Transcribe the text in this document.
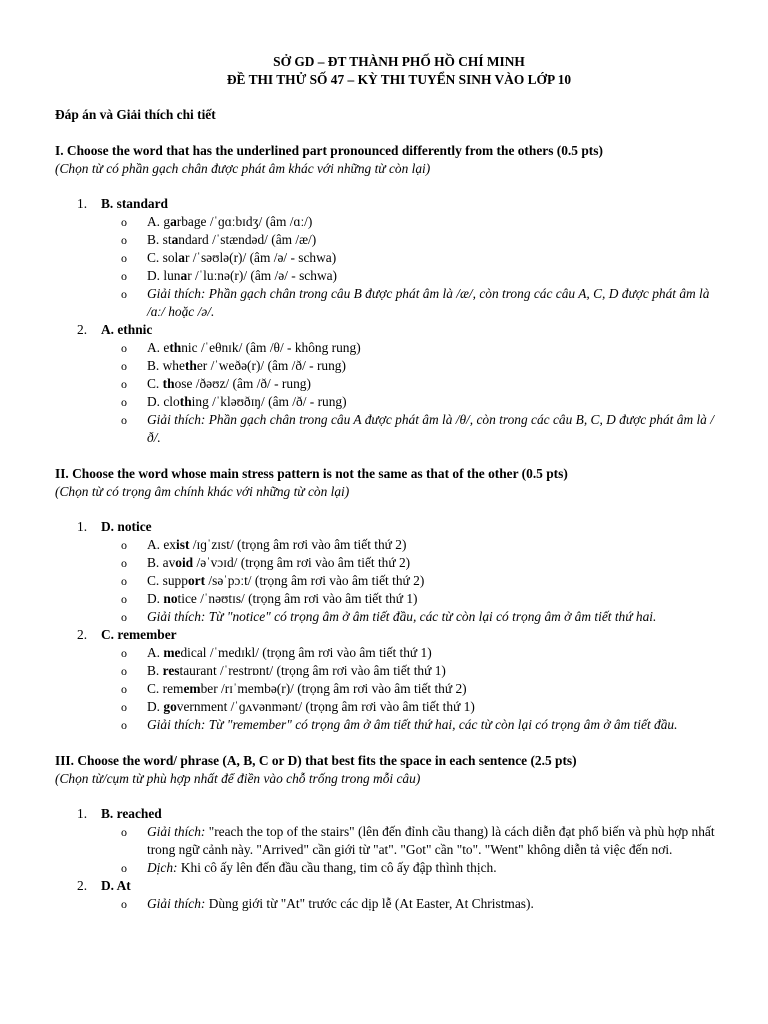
SỞ GD – ĐT THÀNH PHỐ HỒ CHÍ MINH
ĐỀ THI THỬ SỐ 47 – KỲ THI TUYỂN SINH VÀO LỚP 10
Đáp án và Giải thích chi tiết
I. Choose the word that has the underlined part pronounced differently from the others (0.5 pts)
(Chọn từ có phần gạch chân được phát âm khác với những từ còn lại)
1. B. standard
o A. garbage /ˈɡɑːbɪdʒ/ (âm /ɑː/)
o B. standard /ˈstændəd/ (âm /æ/)
o C. solar /ˈsəʊlə(r)/ (âm /ə/ - schwa)
o D. lunar /ˈluːnə(r)/ (âm /ə/ - schwa)
o Giải thích: Phần gạch chân trong câu B được phát âm là /æ/, còn trong các câu A, C, D được phát âm là /ɑː/ hoặc /ə/.
2. A. ethnic
o A. ethnic /ˈeθnɪk/ (âm /θ/ - không rung)
o B. whether /ˈweðə(r)/ (âm /ð/ - rung)
o C. those /ðəʊz/ (âm /ð/ - rung)
o D. clothing /ˈkləʊðɪŋ/ (âm /ð/ - rung)
o Giải thích: Phần gạch chân trong câu A được phát âm là /θ/, còn trong các câu B, C, D được phát âm là /ð/.
II. Choose the word whose main stress pattern is not the same as that of the other (0.5 pts)
(Chọn từ có trọng âm chính khác với những từ còn lại)
1. D. notice
o A. exist /ɪɡˈzɪst/ (trọng âm rơi vào âm tiết thứ 2)
o B. avoid /əˈvɔɪd/ (trọng âm rơi vào âm tiết thứ 2)
o C. support /səˈpɔːt/ (trọng âm rơi vào âm tiết thứ 2)
o D. notice /ˈnəʊtɪs/ (trọng âm rơi vào âm tiết thứ 1)
o Giải thích: Từ "notice" có trọng âm ở âm tiết đầu, các từ còn lại có trọng âm ở âm tiết thứ hai.
2. C. remember
o A. medical /ˈmedɪkl/ (trọng âm rơi vào âm tiết thứ 1)
o B. restaurant /ˈrestrɒnt/ (trọng âm rơi vào âm tiết thứ 1)
o C. remember /rɪˈmembə(r)/ (trọng âm rơi vào âm tiết thứ 2)
o D. government /ˈɡʌvənmənt/ (trọng âm rơi vào âm tiết thứ 1)
o Giải thích: Từ "remember" có trọng âm ở âm tiết thứ hai, các từ còn lại có trọng âm ở âm tiết đầu.
III. Choose the word/ phrase (A, B, C or D) that best fits the space in each sentence (2.5 pts)
(Chọn từ/cụm từ phù hợp nhất để điền vào chỗ trống trong mỗi câu)
1. B. reached
o Giải thích: "reach the top of the stairs" (lên đến đỉnh cầu thang) là cách diễn đạt phổ biến và phù hợp nhất trong ngữ cảnh này. "Arrived" cần giới từ "at". "Got" cần "to". "Went" không diễn tả việc đến nơi.
o Dịch: Khi cô ấy lên đến đầu cầu thang, tim cô ấy đập thình thịch.
2. D. At
o Giải thích: Dùng giới từ "At" trước các dịp lễ (At Easter, At Christmas).
